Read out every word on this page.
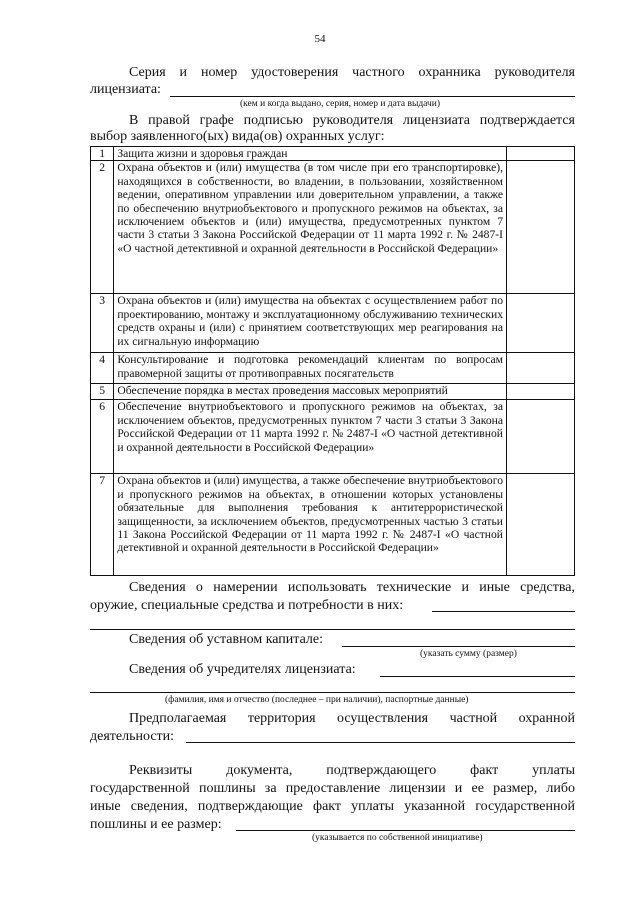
54
Серия и номер удостоверения частного охранника руководителя
лицензиата:
(кем и когда выдано, серия, номер и дата выдачи)
В правой графе подписью руководителя лицензиата подтверждается
выбор заявленного(ых) вида(ов) охранных услуг:
1	Защита жизни и здоровья граждан	

2	Охрана объектов и (или) имущества (в том числе при его транспортировке), находящихся в собственности, во владении, в пользовании, хозяйственном ведении, оперативном управлении или доверительном управлении, а также по обеспечению внутриобъектового и пропускного режимов на объектах, за исключением объектов и (или) имущества, предусмотренных пунктом 7 части 3 статьи 3 Закона Российской Федерации от 11 марта 1992 г. № 2487-I «О частной детективной и охранной деятельности в Российской Федерации»	

3	Охрана объектов и (или) имущества на объектах с осуществлением работ по проектированию, монтажу и эксплуатационному обслуживанию технических средств охраны и (или) с принятием соответствующих мер реагирования на их сигнальную информацию	

4	Консультирование и подготовка рекомендаций клиентам по вопросам правомерной защиты от противоправных посягательств	

5	Обеспечение порядка в местах проведения массовых мероприятий	

6	Обеспечение внутриобъектового и пропускного режимов на объектах, за исключением объектов, предусмотренных пунктом 7 части 3 статьи 3 Закона Российской Федерации от 11 марта 1992 г. № 2487-I «О частной детективной и охранной деятельности в Российской Федерации»	

7	Охрана объектов и (или) имущества, а также обеспечение внутриобъектового и пропускного режимов на объектах, в отношении которых установлены обязательные для выполнения требования к антитеррористической защищенности, за исключением объектов, предусмотренных частью 3 статьи 11 Закона Российской Федерации от 11 марта 1992 г. № 2487-I «О частной детективной и охранной деятельности в Российской Федерации»	

Сведения о намерении использовать технические и иные средства,
оружие, специальные средства и потребности в них:
Сведения об уставном капитале:
(указать сумму (размер)
Сведения об учредителях лицензиата:
(фамилия, имя и отчество (последнее – при наличии), паспортные данные)
Предполагаемая территория осуществления частной охранной
деятельности:
Реквизиты документа, подтверждающего факт уплаты
государственной пошлины за предоставление лицензии и ее размер, либо
иные сведения, подтверждающие факт уплаты указанной государственной
пошлины и ее размер:
(указывается по собственной инициативе)
